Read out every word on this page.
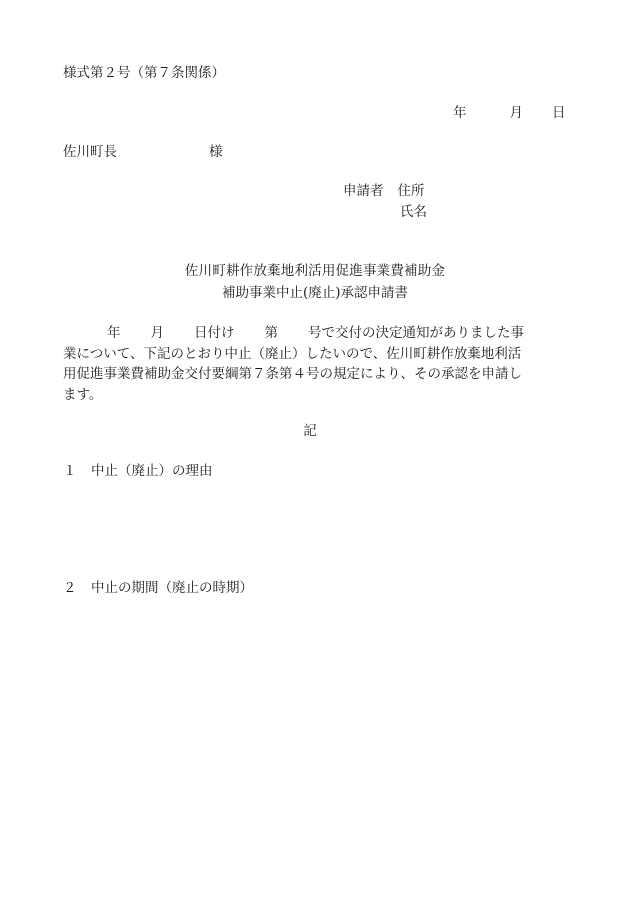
様式第２号（第７条関係）
年	月 日
佐川町長	様
申請者 住所
氏名
佐川町耕作放棄地利活用促進事業費補助金
補助事業中止(廃止)承認申請書
年 月 日付け 第 号で交付の決定通知がありました事
業について、下記のとおり中止（廃止）したいので、佐川町耕作放棄地利活
用促進事業費補助金交付要綱第７条第４号の規定により、その承認を申請し
ます。
記
１ 中止（廃止）の理由
２ 中止の期間（廃止の時期）
